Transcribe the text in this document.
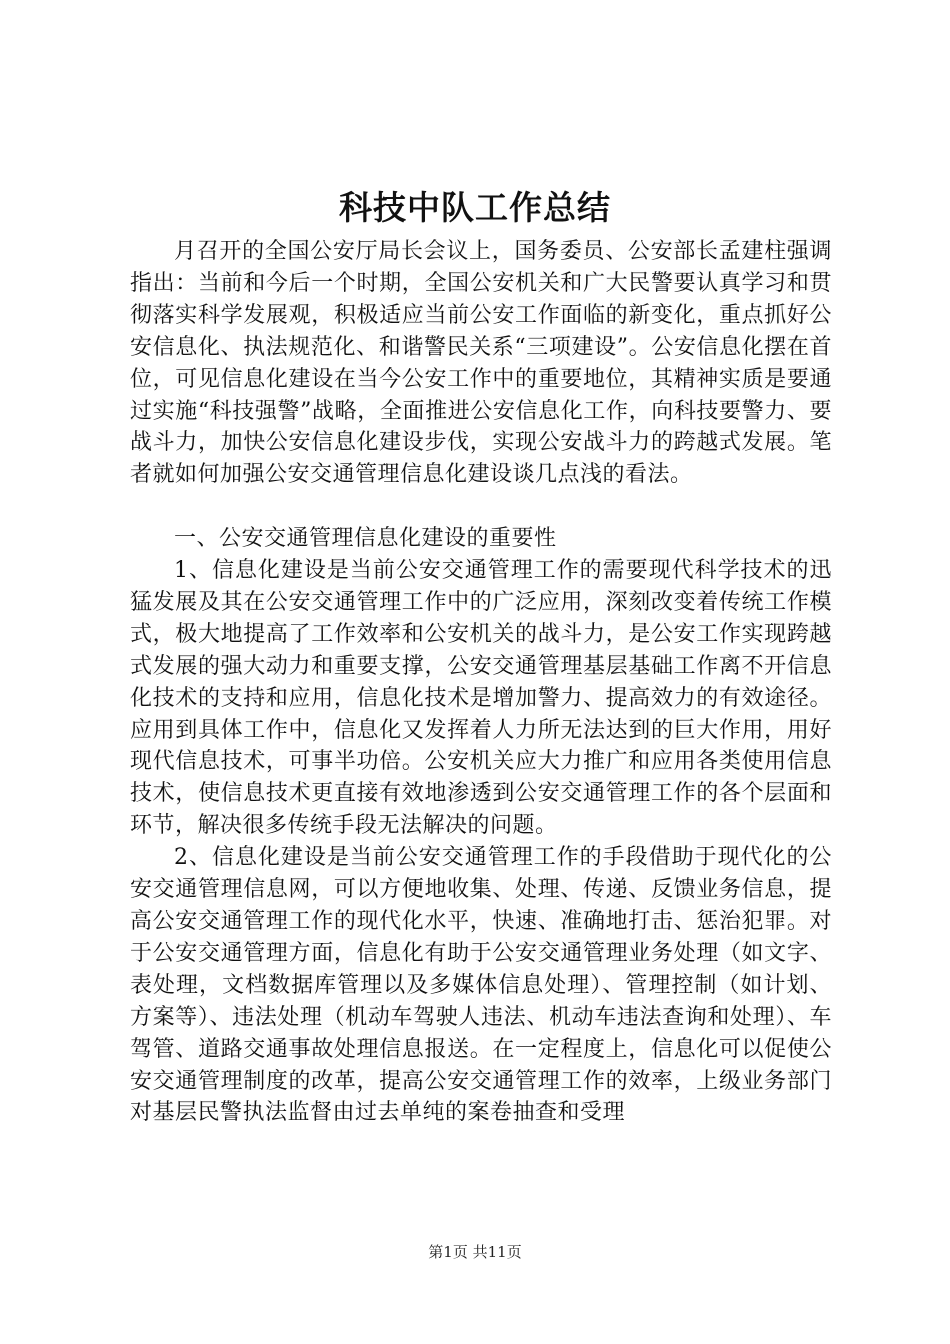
科技中队工作总结

月召开的全国公安厅局长会议上，国务委员、公安部长孟建柱强调指出：当前和今后一个时期，全国公安机关和广大民警要认真学习和贯彻落实科学发展观，积极适应当前公安工作面临的新变化，重点抓好公安信息化、执法规范化、和谐警民关系“三项建设”。公安信息化摆在首位，可见信息化建设在当今公安工作中的重要地位，其精神实质是要通过实施“科技强警”战略，全面推进公安信息化工作，向科技要警力、要战斗力，加快公安信息化建设步伐，实现公安战斗力的跨越式发展。笔者就如何加强公安交通管理信息化建设谈几点浅的看法。

一、公安交通管理信息化建设的重要性

1、信息化建设是当前公安交通管理工作的需要现代科学技术的迅猛发展及其在公安交通管理工作中的广泛应用，深刻改变着传统工作模式，极大地提高了工作效率和公安机关的战斗力，是公安工作实现跨越式发展的强大动力和重要支撑，公安交通管理基层基础工作离不开信息化技术的支持和应用，信息化技术是增加警力、提高效力的有效途径。应用到具体工作中，信息化又发挥着人力所无法达到的巨大作用，用好现代信息技术，可事半功倍。公安机关应大力推广和应用各类使用信息技术，使信息技术更直接有效地渗透到公安交通管理工作的各个层面和环节，解决很多传统手段无法解决的问题。

2、信息化建设是当前公安交通管理工作的手段借助于现代化的公安交通管理信息网，可以方便地收集、处理、传递、反馈业务信息，提高公安交通管理工作的现代化水平，快速、准确地打击、惩治犯罪。对于公安交通管理方面，信息化有助于公安交通管理业务处理（如文字、表处理，文档数据库管理以及多媒体信息处理）、管理控制（如计划、方案等）、违法处理（机动车驾驶人违法、机动车违法查询和处理）、车驾管、道路交通事故处理信息报送。在一定程度上，信息化可以促使公安交通管理制度的改革，提高公安交通管理工作的效率，上级业务部门对基层民警执法监督由过去单纯的案卷抽查和受理

第1页 共11页
